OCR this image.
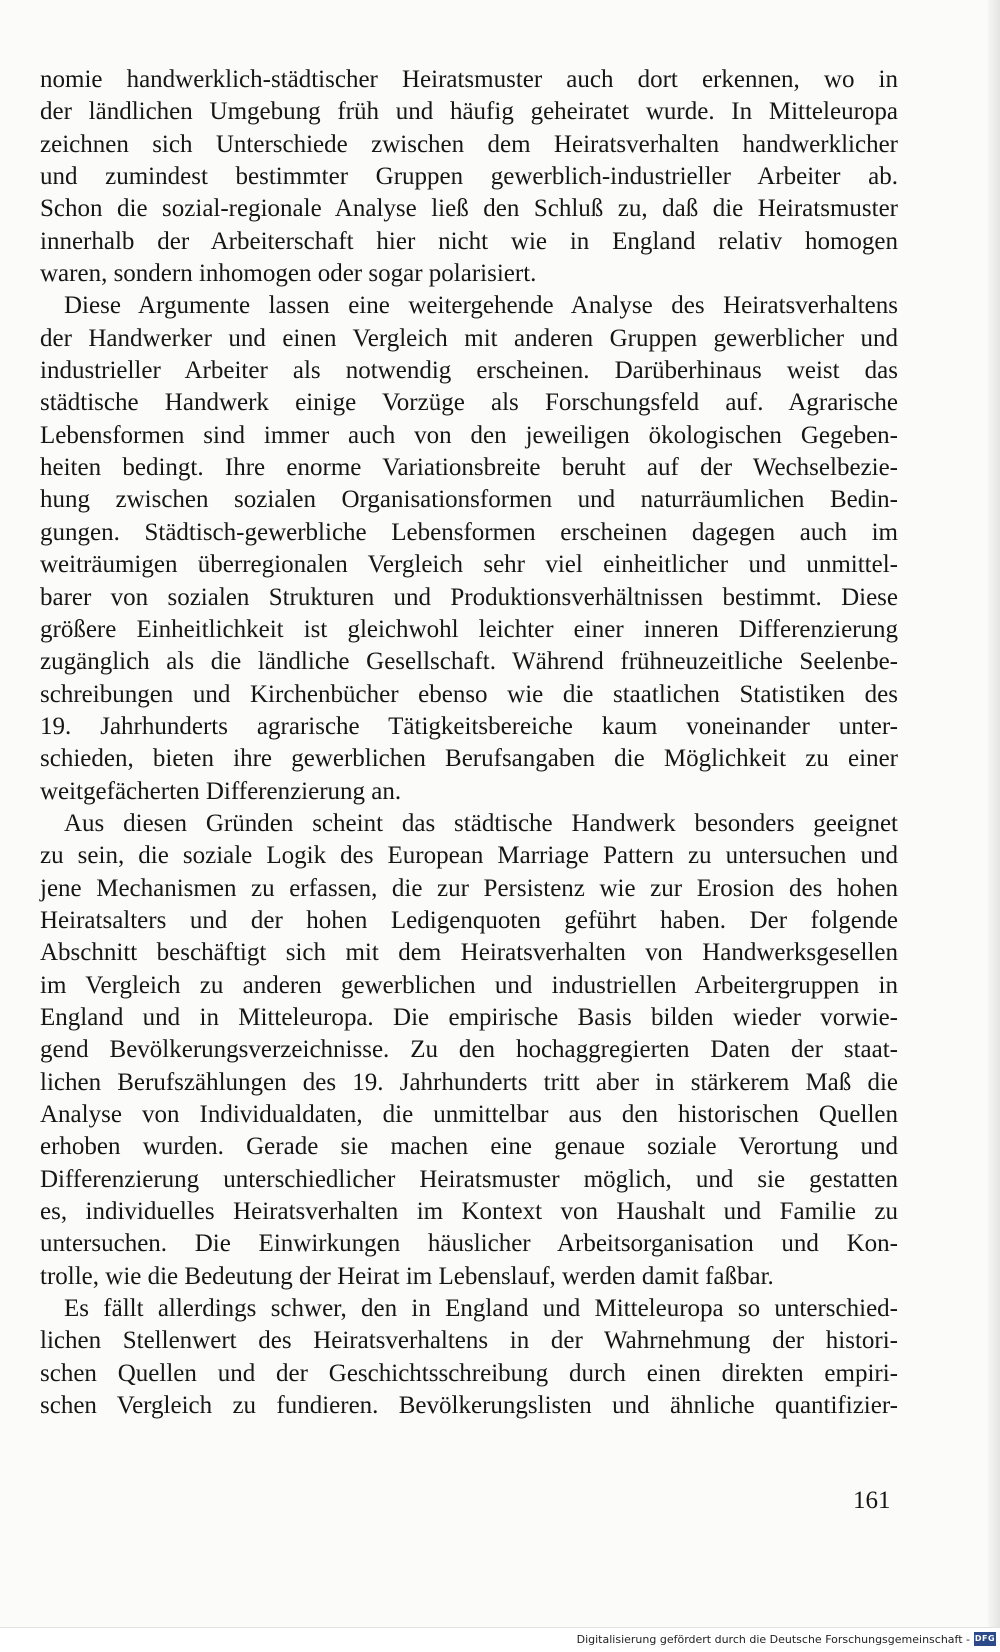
nomie handwerklich-städtischer Heiratsmuster auch dort erkennen, wo in
der ländlichen Umgebung früh und häufig geheiratet wurde. In Mitteleuropa
zeichnen sich Unterschiede zwischen dem Heiratsverhalten handwerklicher
und zumindest bestimmter Gruppen gewerblich-industrieller Arbeiter ab.
Schon die sozial-regionale Analyse ließ den Schluß zu, daß die Heiratsmuster
innerhalb der Arbeiterschaft hier nicht wie in England relativ homogen
waren, sondern inhomogen oder sogar polarisiert.
Diese Argumente lassen eine weitergehende Analyse des Heiratsverhaltens
der Handwerker und einen Vergleich mit anderen Gruppen gewerblicher und
industrieller Arbeiter als notwendig erscheinen. Darüberhinaus weist das
städtische Handwerk einige Vorzüge als Forschungsfeld auf. Agrarische
Lebensformen sind immer auch von den jeweiligen ökologischen Gegeben-
heiten bedingt. Ihre enorme Variationsbreite beruht auf der Wechselbezie-
hung zwischen sozialen Organisationsformen und naturräumlichen Bedin-
gungen. Städtisch-gewerbliche Lebensformen erscheinen dagegen auch im
weiträumigen überregionalen Vergleich sehr viel einheitlicher und unmittel-
barer von sozialen Strukturen und Produktionsverhältnissen bestimmt. Diese
größere Einheitlichkeit ist gleichwohl leichter einer inneren Differenzierung
zugänglich als die ländliche Gesellschaft. Während frühneuzeitliche Seelenbe-
schreibungen und Kirchenbücher ebenso wie die staatlichen Statistiken des
19. Jahrhunderts agrarische Tätigkeitsbereiche kaum voneinander unter-
schieden, bieten ihre gewerblichen Berufsangaben die Möglichkeit zu einer
weitgefächerten Differenzierung an.
Aus diesen Gründen scheint das städtische Handwerk besonders geeignet
zu sein, die soziale Logik des European Marriage Pattern zu untersuchen und
jene Mechanismen zu erfassen, die zur Persistenz wie zur Erosion des hohen
Heiratsalters und der hohen Ledigenquoten geführt haben. Der folgende
Abschnitt beschäftigt sich mit dem Heiratsverhalten von Handwerksgesellen
im Vergleich zu anderen gewerblichen und industriellen Arbeitergruppen in
England und in Mitteleuropa. Die empirische Basis bilden wieder vorwie-
gend Bevölkerungsverzeichnisse. Zu den hochaggregierten Daten der staat-
lichen Berufszählungen des 19. Jahrhunderts tritt aber in stärkerem Maß die
Analyse von Individualdaten, die unmittelbar aus den historischen Quellen
erhoben wurden. Gerade sie machen eine genaue soziale Verortung und
Differenzierung unterschiedlicher Heiratsmuster möglich, und sie gestatten
es, individuelles Heiratsverhalten im Kontext von Haushalt und Familie zu
untersuchen. Die Einwirkungen häuslicher Arbeitsorganisation und Kon-
trolle, wie die Bedeutung der Heirat im Lebenslauf, werden damit faßbar.
Es fällt allerdings schwer, den in England und Mitteleuropa so unterschied-
lichen Stellenwert des Heiratsverhaltens in der Wahrnehmung der histori-
schen Quellen und der Geschichtsschreibung durch einen direkten empiri-
schen Vergleich zu fundieren. Bevölkerungslisten und ähnliche quantifizier-
161
Digitalisierung gefördert durch die Deutsche Forschungsgemeinschaft - DFG
